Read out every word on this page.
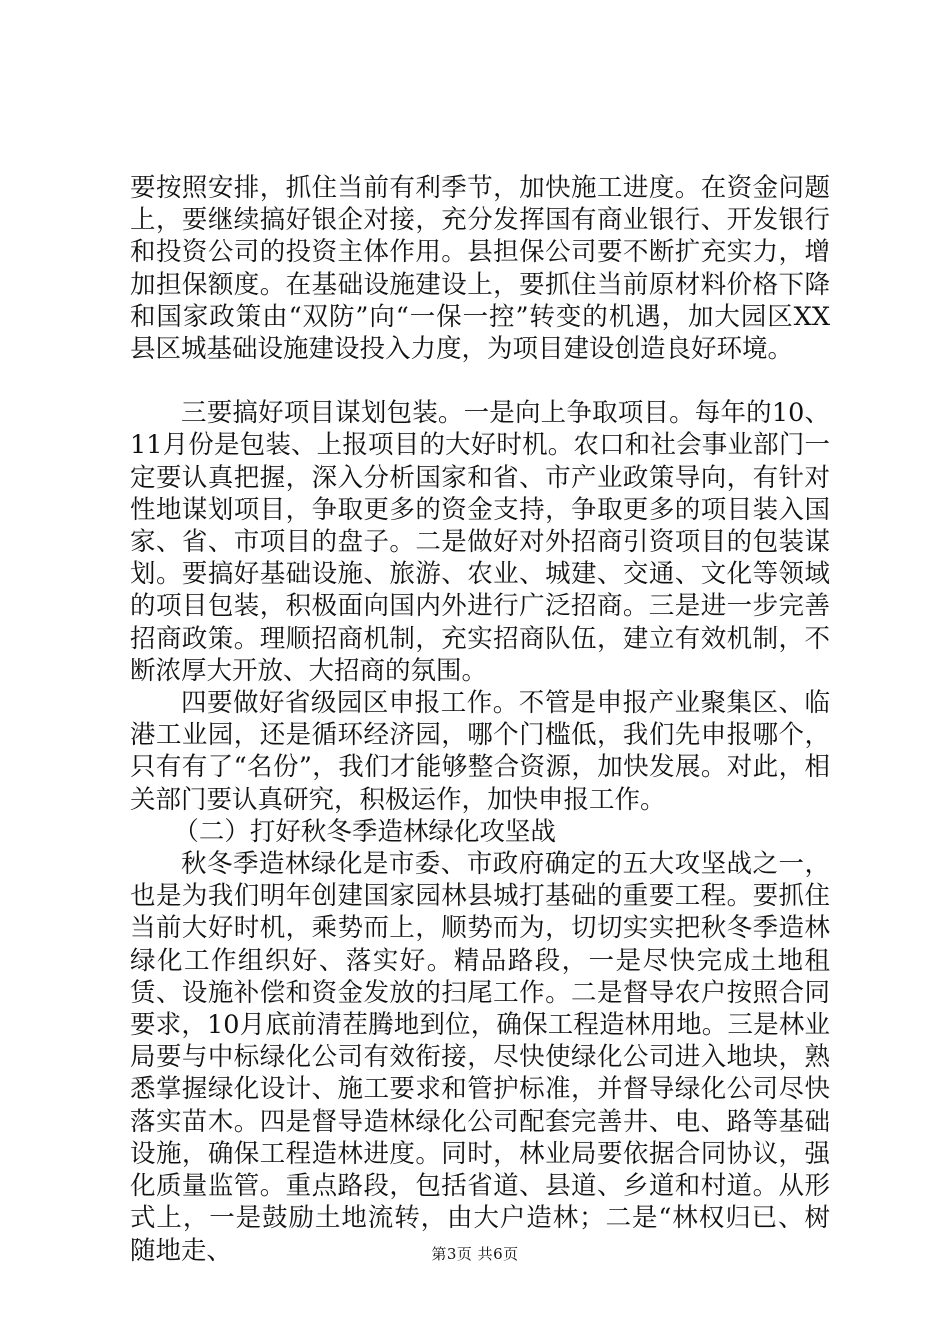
要按照安排，抓住当前有利季节，加快施工进度。在资金问题上，要继续搞好银企对接，充分发挥国有商业银行、开发银行和投资公司的投资主体作用。县担保公司要不断扩充实力，增加担保额度。在基础设施建设上，要抓住当前原材料价格下降和国家政策由“双防”向“一保一控”转变的机遇，加大园区XX县区城基础设施建设投入力度，为项目建设创造良好环境。

三要搞好项目谋划包装。一是向上争取项目。每年的10、11月份是包装、上报项目的大好时机。农口和社会事业部门一定要认真把握，深入分析国家和省、市产业政策导向，有针对性地谋划项目，争取更多的资金支持，争取更多的项目装入国家、省、市项目的盘子。二是做好对外招商引资项目的包装谋划。要搞好基础设施、旅游、农业、城建、交通、文化等领域的项目包装，积极面向国内外进行广泛招商。三是进一步完善招商政策。理顺招商机制，充实招商队伍，建立有效机制，不断浓厚大开放、大招商的氛围。

四要做好省级园区申报工作。不管是申报产业聚集区、临港工业园，还是循环经济园，哪个门槛低，我们先申报哪个，只有有了“名份”，我们才能够整合资源，加快发展。对此，相关部门要认真研究，积极运作，加快申报工作。

（二）打好秋冬季造林绿化攻坚战

秋冬季造林绿化是市委、市政府确定的五大攻坚战之一，也是为我们明年创建国家园林县城打基础的重要工程。要抓住当前大好时机，乘势而上，顺势而为，切切实实把秋冬季造林绿化工作组织好、落实好。精品路段，一是尽快完成土地租赁、设施补偿和资金发放的扫尾工作。二是督导农户按照合同要求，10月底前清茬腾地到位，确保工程造林用地。三是林业局要与中标绿化公司有效衔接，尽快使绿化公司进入地块，熟悉掌握绿化设计、施工要求和管护标准，并督导绿化公司尽快落实苗木。四是督导造林绿化公司配套完善井、电、路等基础设施，确保工程造林进度。同时，林业局要依据合同协议，强化质量监管。重点路段，包括省道、县道、乡道和村道。从形式上，一是鼓励土地流转，由大户造林；二是“林权归已、树随地走、	第3页 共6页
